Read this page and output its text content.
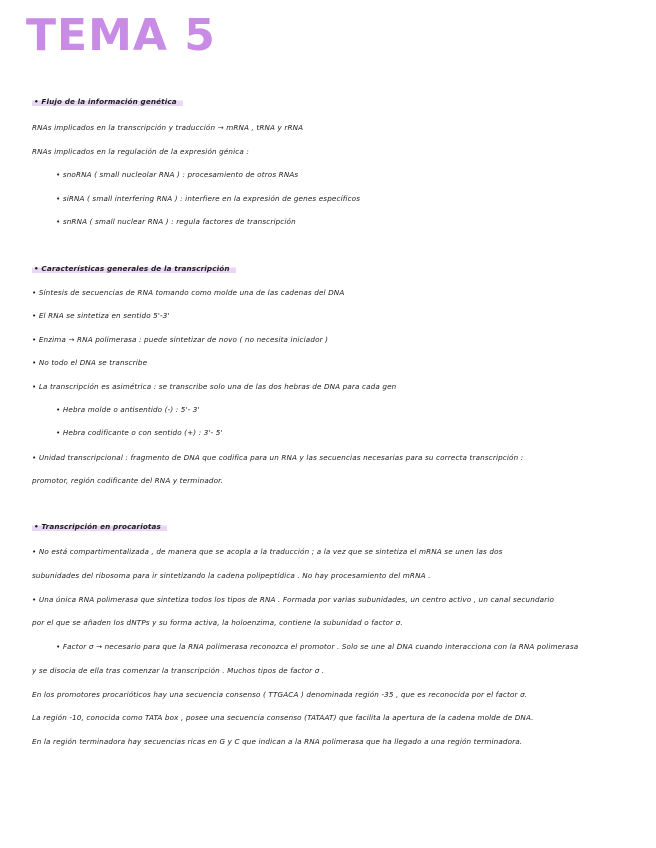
TEMA 5
• Flujo de la información genética
RNAs implicados en la transcripción y traducción → mRNA , tRNA y rRNA
RNAs implicados en la regulación de la expresión génica :
• snoRNA ( small nucleolar RNA ) : procesamiento de otros RNAs
• siRNA ( small interfering RNA ) : interfiere en la expresión de genes específicos
• snRNA ( small nuclear RNA ) : regula factores de transcripción
• Características generales de la transcripción
• Síntesis de secuencias de RNA tomando como molde una de las cadenas del DNA
• El RNA se sintetiza en sentido 5'-3'
• Enzima → RNA polimerasa : puede sintetizar de novo ( no necesita iniciador )
• No todo el DNA se transcribe
• La transcripción es asimétrica : se transcribe solo una de las dos hebras de DNA para cada gen
• Hebra molde o antisentido (-) : 5'- 3'
• Hebra codificante o con sentido (+) : 3'- 5'
• Unidad transcripcional : fragmento de DNA que codifica para un RNA y las secuencias necesarias para su correcta transcripción :
promotor, región codificante del RNA y terminador.
• Transcripción en procariotas
• No está compartimentalizada , de manera que se acopla a la traducción ; a la vez que se sintetiza el mRNA se unen las dos
subunidades del ribosoma para ir sintetizando la cadena polipeptídica . No hay procesamiento del mRNA .
• Una única RNA polimerasa que sintetiza todos los tipos de RNA . Formada por varias subunidades, un centro activo , un canal secundario
por el que se añaden los dNTPs y su forma activa, la holoenzima, contiene la subunidad o factor σ.
• Factor σ → necesario para que la RNA polimerasa reconozca el promotor . Solo se une al DNA cuando interacciona con la RNA polimerasa
y se disocia de ella tras comenzar la transcripción . Muchos tipos de factor σ .
En los promotores procarióticos hay una secuencia consenso ( TTGACA ) denominada región -35 , que es reconocida por el factor σ.
La región -10, conocida como TATA box , posee una secuencia consenso (TATAAT) que facilita la apertura de la cadena molde de DNA.
En la región terminadora hay secuencias ricas en G y C que indican a la RNA polimerasa que ha llegado a una región terminadora.
